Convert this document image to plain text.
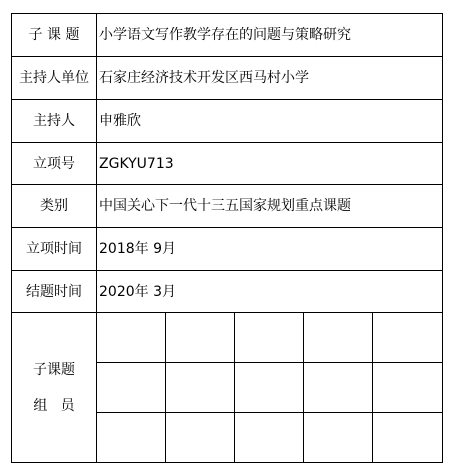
子 课 题	小学语文写作教学存在的问题与策略研究				
主持人单位	石家庄经济技术开发区西马村小学				
主持人	申雅欣				
立项号	ZGKYU713				
类别	中国关心下一代十三五国家规划重点课题				
立项时间	2018年 9月				
结题时间	2020年 3月				

子课题
组   员					
